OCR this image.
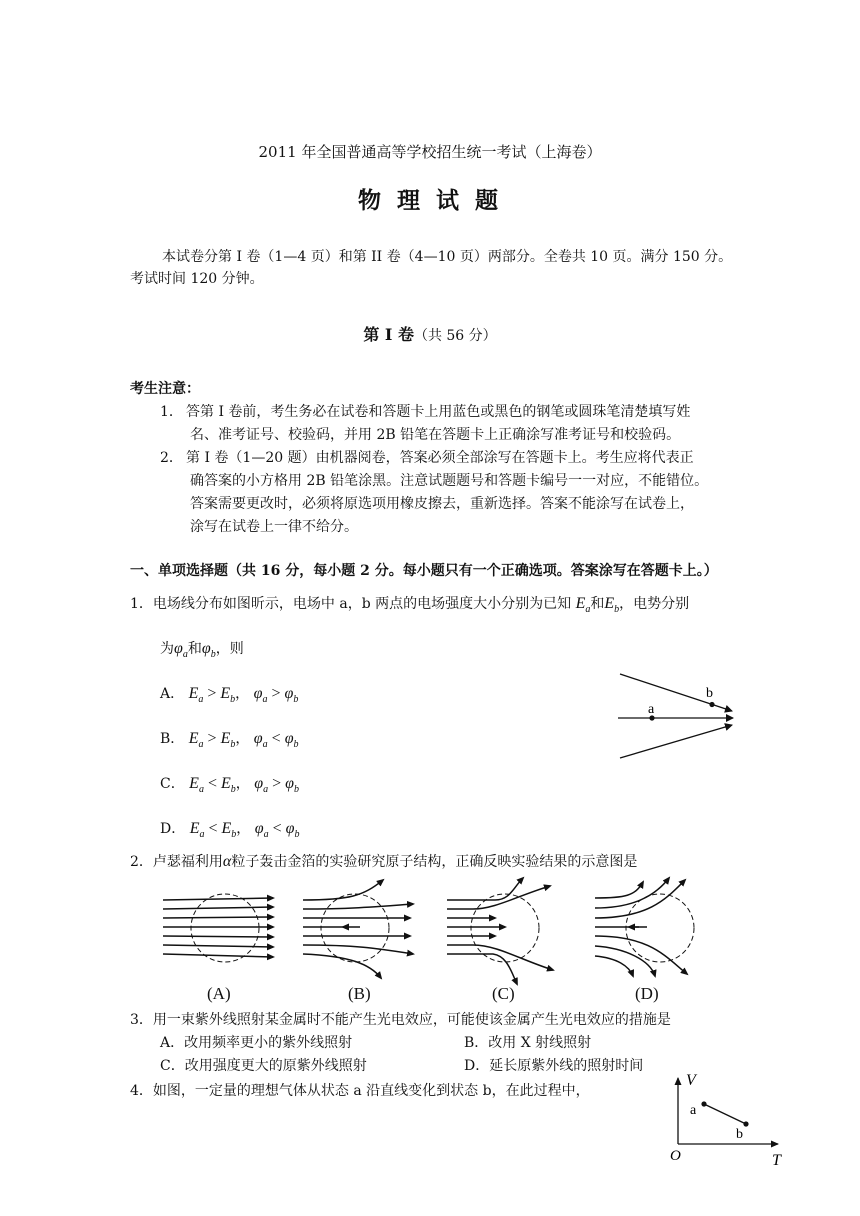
2011 年全国普通高等学校招生统一考试（上海卷）
物 理 试 题
本试卷分第 I 卷（1—4 页）和第 II 卷（4—10 页）两部分。全卷共 10 页。满分 150 分。
考试时间 120 分钟。
第 Ⅰ 卷（共 56 分）
考生注意：
1． 答第 Ⅰ 卷前，考生务必在试卷和答题卡上用蓝色或黑色的钢笔或圆珠笔清楚填写姓
名、准考证号、校验码，并用 2B 铅笔在答题卡上正确涂写准考证号和校验码。
2． 第 Ⅰ 卷（1—20 题）由机器阅卷，答案必须全部涂写在答题卡上。考生应将代表正
确答案的小方格用 2B 铅笔涂黑。注意试题题号和答题卡编号一一对应，不能错位。
答案需要更改时，必须将原选项用橡皮擦去，重新选择。答案不能涂写在试卷上，
涂写在试卷上一律不给分。
一、单项选择题（共 16 分，每小题 2 分。每小题只有一个正确选项。答案涂写在答题卡上。）
1．电场线分布如图昕示，电场中 a，b 两点的电场强度大小分别为已知 $E_a$和$E_b$，电势分别
为$\varphi_a$和$\varphi_b$，则
A． $E_a > E_b$， $\varphi_a > \varphi_b$
B． $E_a > E_b$， $\varphi_a < \varphi_b$
C． $E_a < E_b$， $\varphi_a > \varphi_b$
D． $E_a < E_b$， $\varphi_a < \varphi_b$
a
b
2．卢瑟福利用α粒子轰击金箔的实验研究原子结构，正确反映实验结果的示意图是
(A)	(B)	(C)	(D)
3．用一束紫外线照射某金属时不能产生光电效应，可能使该金属产生光电效应的措施是
A．改用频率更小的紫外线照射	B．改用 X 射线照射
C．改用强度更大的原紫外线照射	D．延长原紫外线的照射时间
4．如图，一定量的理想气体从状态 a 沿直线变化到状态 b，在此过程中，
V
T
O
a
b
